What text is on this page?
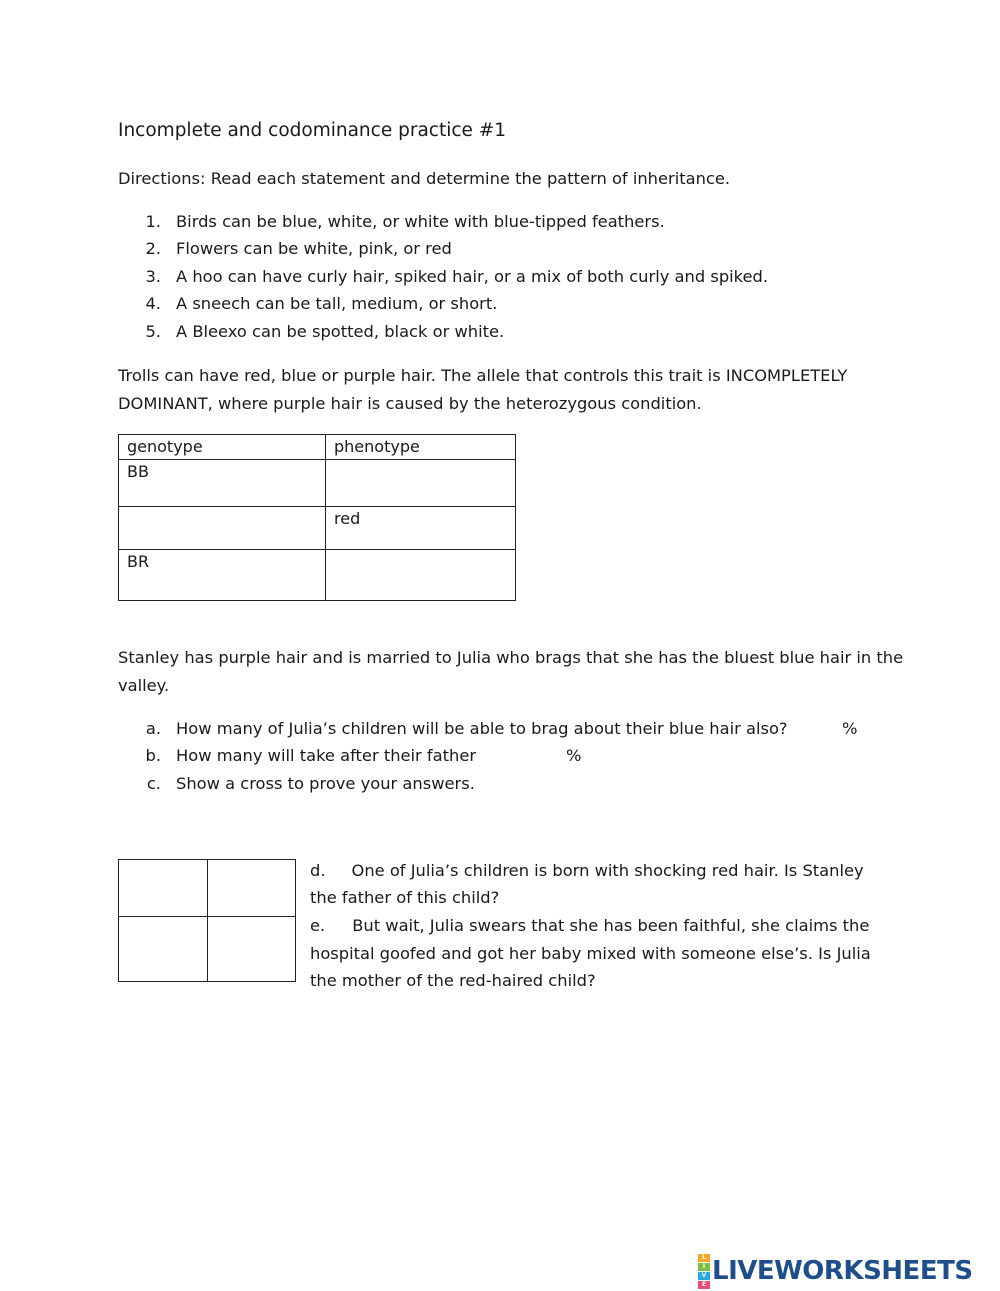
Incomplete and codominance practice #1
Directions: Read each statement and determine the pattern of inheritance.
1. Birds can be blue, white, or white with blue-tipped feathers.
2. Flowers can be white, pink, or red
3. A hoo can have curly hair, spiked hair, or a mix of both curly and spiked.
4. A sneech can be tall, medium, or short.
5. A Bleexo can be spotted, black or white.
Trolls can have red, blue or purple hair. The allele that controls this trait is INCOMPLETELY
DOMINANT, where purple hair is caused by the heterozygous condition.
genotype	phenotype
BB	
	red
BR	
Stanley has purple hair and is married to Julia who brags that she has the bluest blue hair in the
valley.
a. How many of Julia’s children will be able to brag about their blue hair also?	%
b. How many will take after their father	%
c. Show a cross to prove your answers.
d. One of Julia’s children is born with shocking red hair. Is Stanley
the father of this child?
e. But wait, Julia swears that she has been faithful, she claims the
hospital goofed and got her baby mixed with someone else’s. Is Julia
the mother of the red-haired child?
L
I
V
E LIVEWORKSHEETS
